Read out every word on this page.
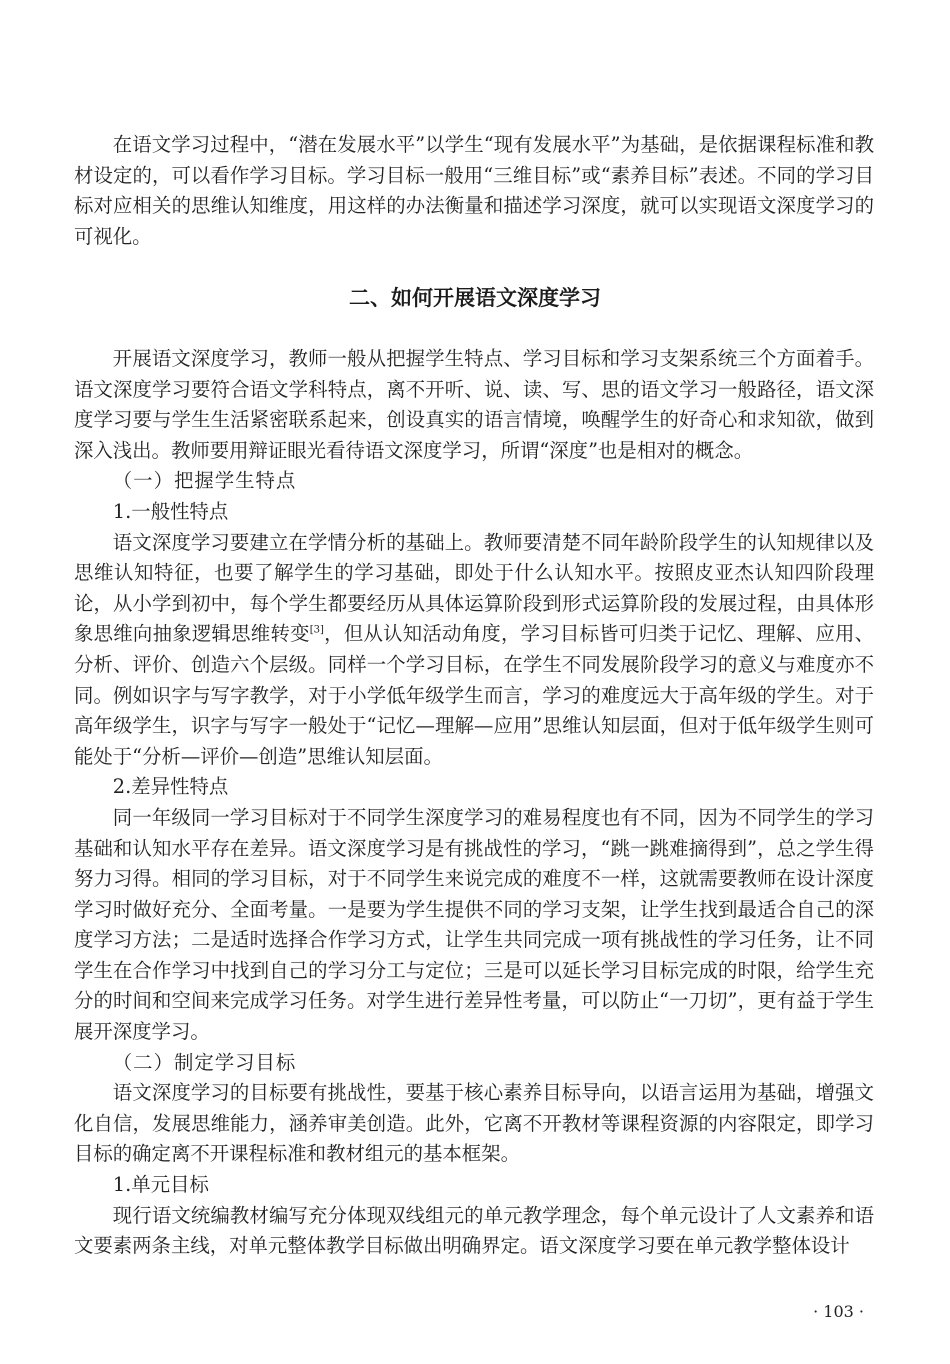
在语文学习过程中，“潜在发展水平”以学生“现有发展水平”为基础，是依据课程标准和教材设定的，可以看作学习目标。学习目标一般用“三维目标”或“素养目标”表述。不同的学习目标对应相关的思维认知维度，用这样的办法衡量和描述学习深度，就可以实现语文深度学习的可视化。

二、如何开展语文深度学习

开展语文深度学习，教师一般从把握学生特点、学习目标和学习支架系统三个方面着手。语文深度学习要符合语文学科特点，离不开听、说、读、写、思的语文学习一般路径，语文深度学习要与学生生活紧密联系起来，创设真实的语言情境，唤醒学生的好奇心和求知欲，做到深入浅出。教师要用辩证眼光看待语文深度学习，所谓“深度”也是相对的概念。

（一）把握学生特点
1.一般性特点

语文深度学习要建立在学情分析的基础上。教师要清楚不同年龄阶段学生的认知规律以及思维认知特征，也要了解学生的学习基础，即处于什么认知水平。按照皮亚杰认知四阶段理论，从小学到初中，每个学生都要经历从具体运算阶段到形式运算阶段的发展过程，由具体形象思维向抽象逻辑思维转变[3]，但从认知活动角度，学习目标皆可归类于记忆、理解、应用、分析、评价、创造六个层级。同样一个学习目标，在学生不同发展阶段学习的意义与难度亦不同。例如识字与写字教学，对于小学低年级学生而言，学习的难度远大于高年级的学生。对于高年级学生，识字与写字一般处于“记忆—理解—应用”思维认知层面，但对于低年级学生则可能处于“分析—评价—创造”思维认知层面。

2.差异性特点

同一年级同一学习目标对于不同学生深度学习的难易程度也有不同，因为不同学生的学习基础和认知水平存在差异。语文深度学习是有挑战性的学习，“跳一跳难摘得到”，总之学生得努力习得。相同的学习目标，对于不同学生来说完成的难度不一样，这就需要教师在设计深度学习时做好充分、全面考量。一是要为学生提供不同的学习支架，让学生找到最适合自己的深度学习方法；二是适时选择合作学习方式，让学生共同完成一项有挑战性的学习任务，让不同学生在合作学习中找到自己的学习分工与定位；三是可以延长学习目标完成的时限，给学生充分的时间和空间来完成学习任务。对学生进行差异性考量，可以防止“一刀切”，更有益于学生展开深度学习。

（二）制定学习目标

语文深度学习的目标要有挑战性，要基于核心素养目标导向，以语言运用为基础，增强文化自信，发展思维能力，涵养审美创造。此外，它离不开教材等课程资源的内容限定，即学习目标的确定离不开课程标准和教材组元的基本框架。

1.单元目标

现行语文统编教材编写充分体现双线组元的单元教学理念，每个单元设计了人文素养和语文要素两条主线，对单元整体教学目标做出明确界定。语文深度学习要在单元教学整体设计

· 103 ·
